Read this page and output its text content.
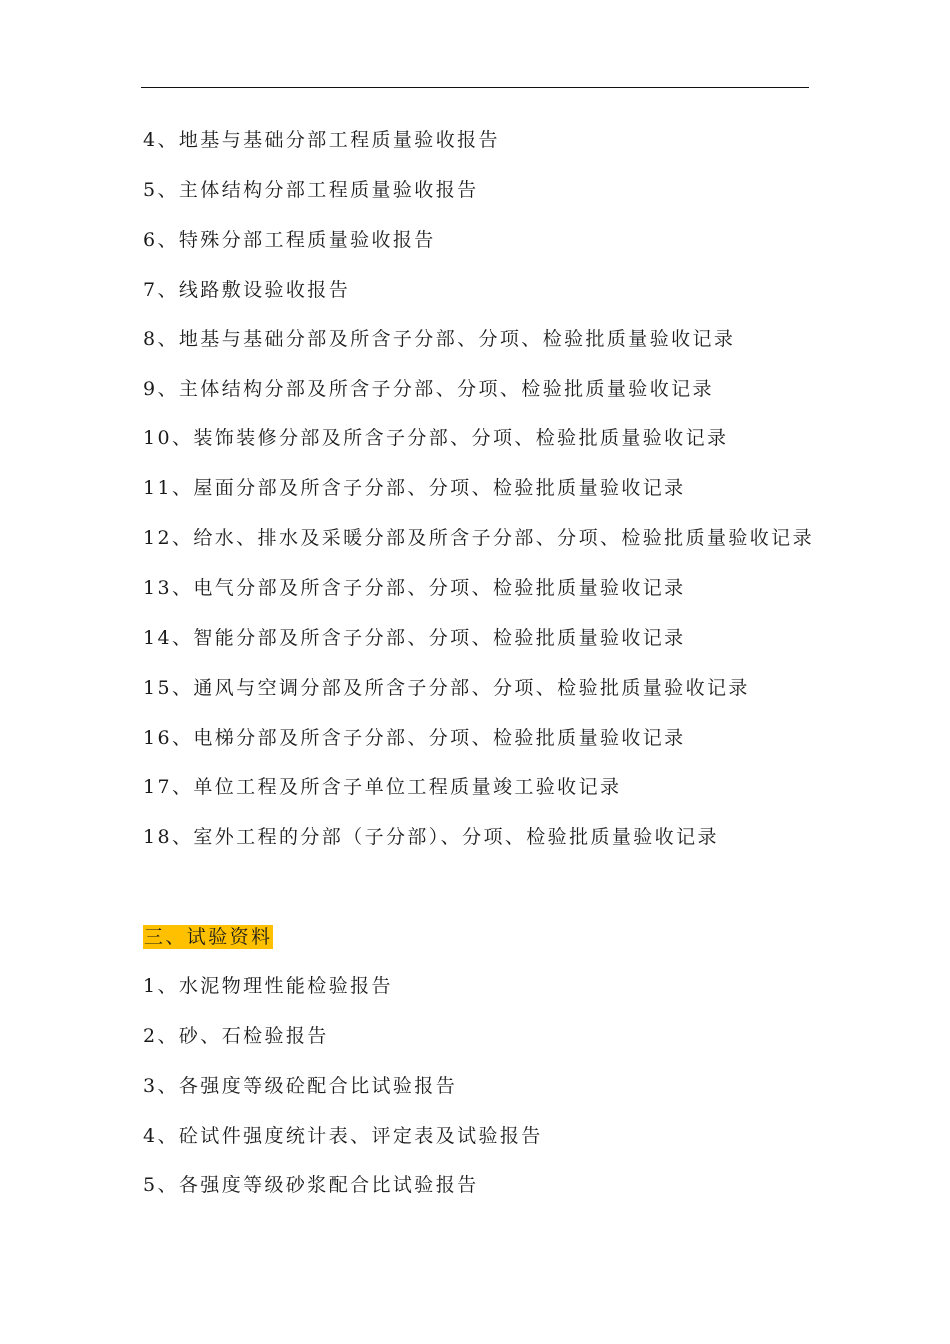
4、地基与基础分部工程质量验收报告
5、主体结构分部工程质量验收报告
6、特殊分部工程质量验收报告
7、线路敷设验收报告
8、地基与基础分部及所含子分部、分项、检验批质量验收记录
9、主体结构分部及所含子分部、分项、检验批质量验收记录
10、装饰装修分部及所含子分部、分项、检验批质量验收记录
11、屋面分部及所含子分部、分项、检验批质量验收记录
12、给水、排水及采暖分部及所含子分部、分项、检验批质量验收记录
13、电气分部及所含子分部、分项、检验批质量验收记录
14、智能分部及所含子分部、分项、检验批质量验收记录
15、通风与空调分部及所含子分部、分项、检验批质量验收记录
16、电梯分部及所含子分部、分项、检验批质量验收记录
17、单位工程及所含子单位工程质量竣工验收记录
18、室外工程的分部（子分部）、分项、检验批质量验收记录
三、试验资料
1、水泥物理性能检验报告
2、砂、石检验报告
3、各强度等级砼配合比试验报告
4、砼试件强度统计表、评定表及试验报告
5、各强度等级砂浆配合比试验报告
